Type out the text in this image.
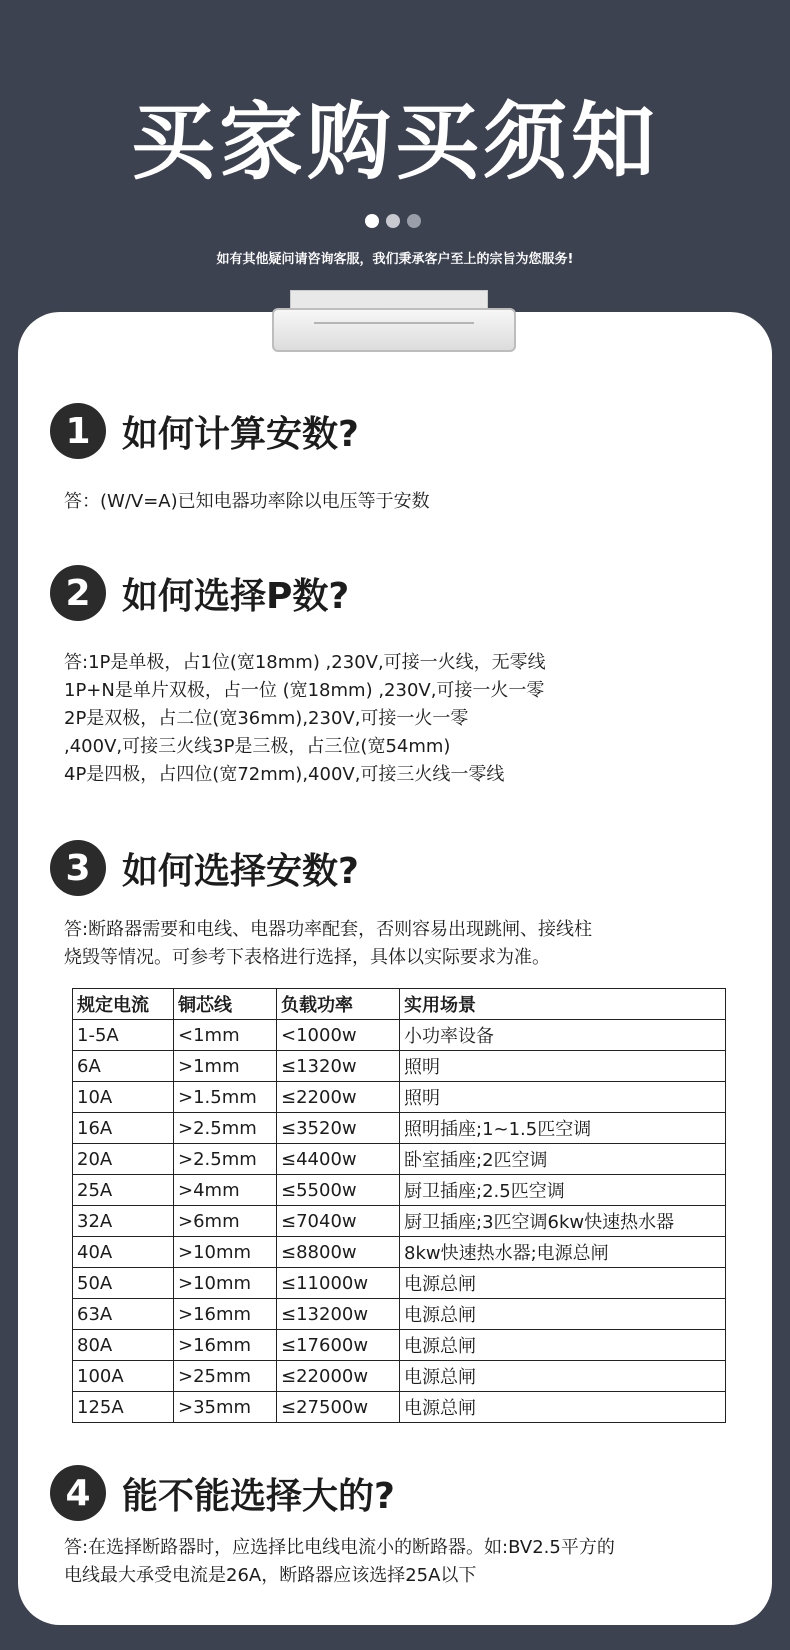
买家购买须知
如有其他疑问请咨询客服，我们秉承客户至上的宗旨为您服务!
1 如何计算安数?
答：(W/V=A)已知电器功率除以电压等于安数
2 如何选择P数?
答:1P是单极，占1位(宽18mm) ,230V,可接一火线，无零线
1P+N是单片双极，占一位 (宽18mm) ,230V,可接一火一零
2P是双极，占二位(宽36mm),230V,可接一火一零
,400V,可接三火线3P是三极，占三位(宽54mm)
4P是四极，占四位(宽72mm),400V,可接三火线一零线
3 如何选择安数?
答:断路器需要和电线、电器功率配套，否则容易出现跳闸、接线柱
烧毁等情况。可参考下表格进行选择，具体以实际要求为准。
规定电流	铜芯线	负载功率	实用场景
1-5A	<1mm	<1000w	小功率设备
6A	>1mm	≤1320w	照明
10A	>1.5mm	≤2200w	照明
16A	>2.5mm	≤3520w	照明插座;1~1.5匹空调
20A	>2.5mm	≤4400w	卧室插座;2匹空调
25A	>4mm	≤5500w	厨卫插座;2.5匹空调
32A	>6mm	≤7040w	厨卫插座;3匹空调6kw快速热水器
40A	>10mm	≤8800w	8kw快速热水器;电源总闸
50A	>10mm	≤11000w	电源总闸
63A	>16mm	≤13200w	电源总闸
80A	>16mm	≤17600w	电源总闸
100A	>25mm	≤22000w	电源总闸
125A	>35mm	≤27500w	电源总闸
4 能不能选择大的?
答:在选择断路器时，应选择比电线电流小的断路器。如:BV2.5平方的
电线最大承受电流是26A，断路器应该选择25A以下
